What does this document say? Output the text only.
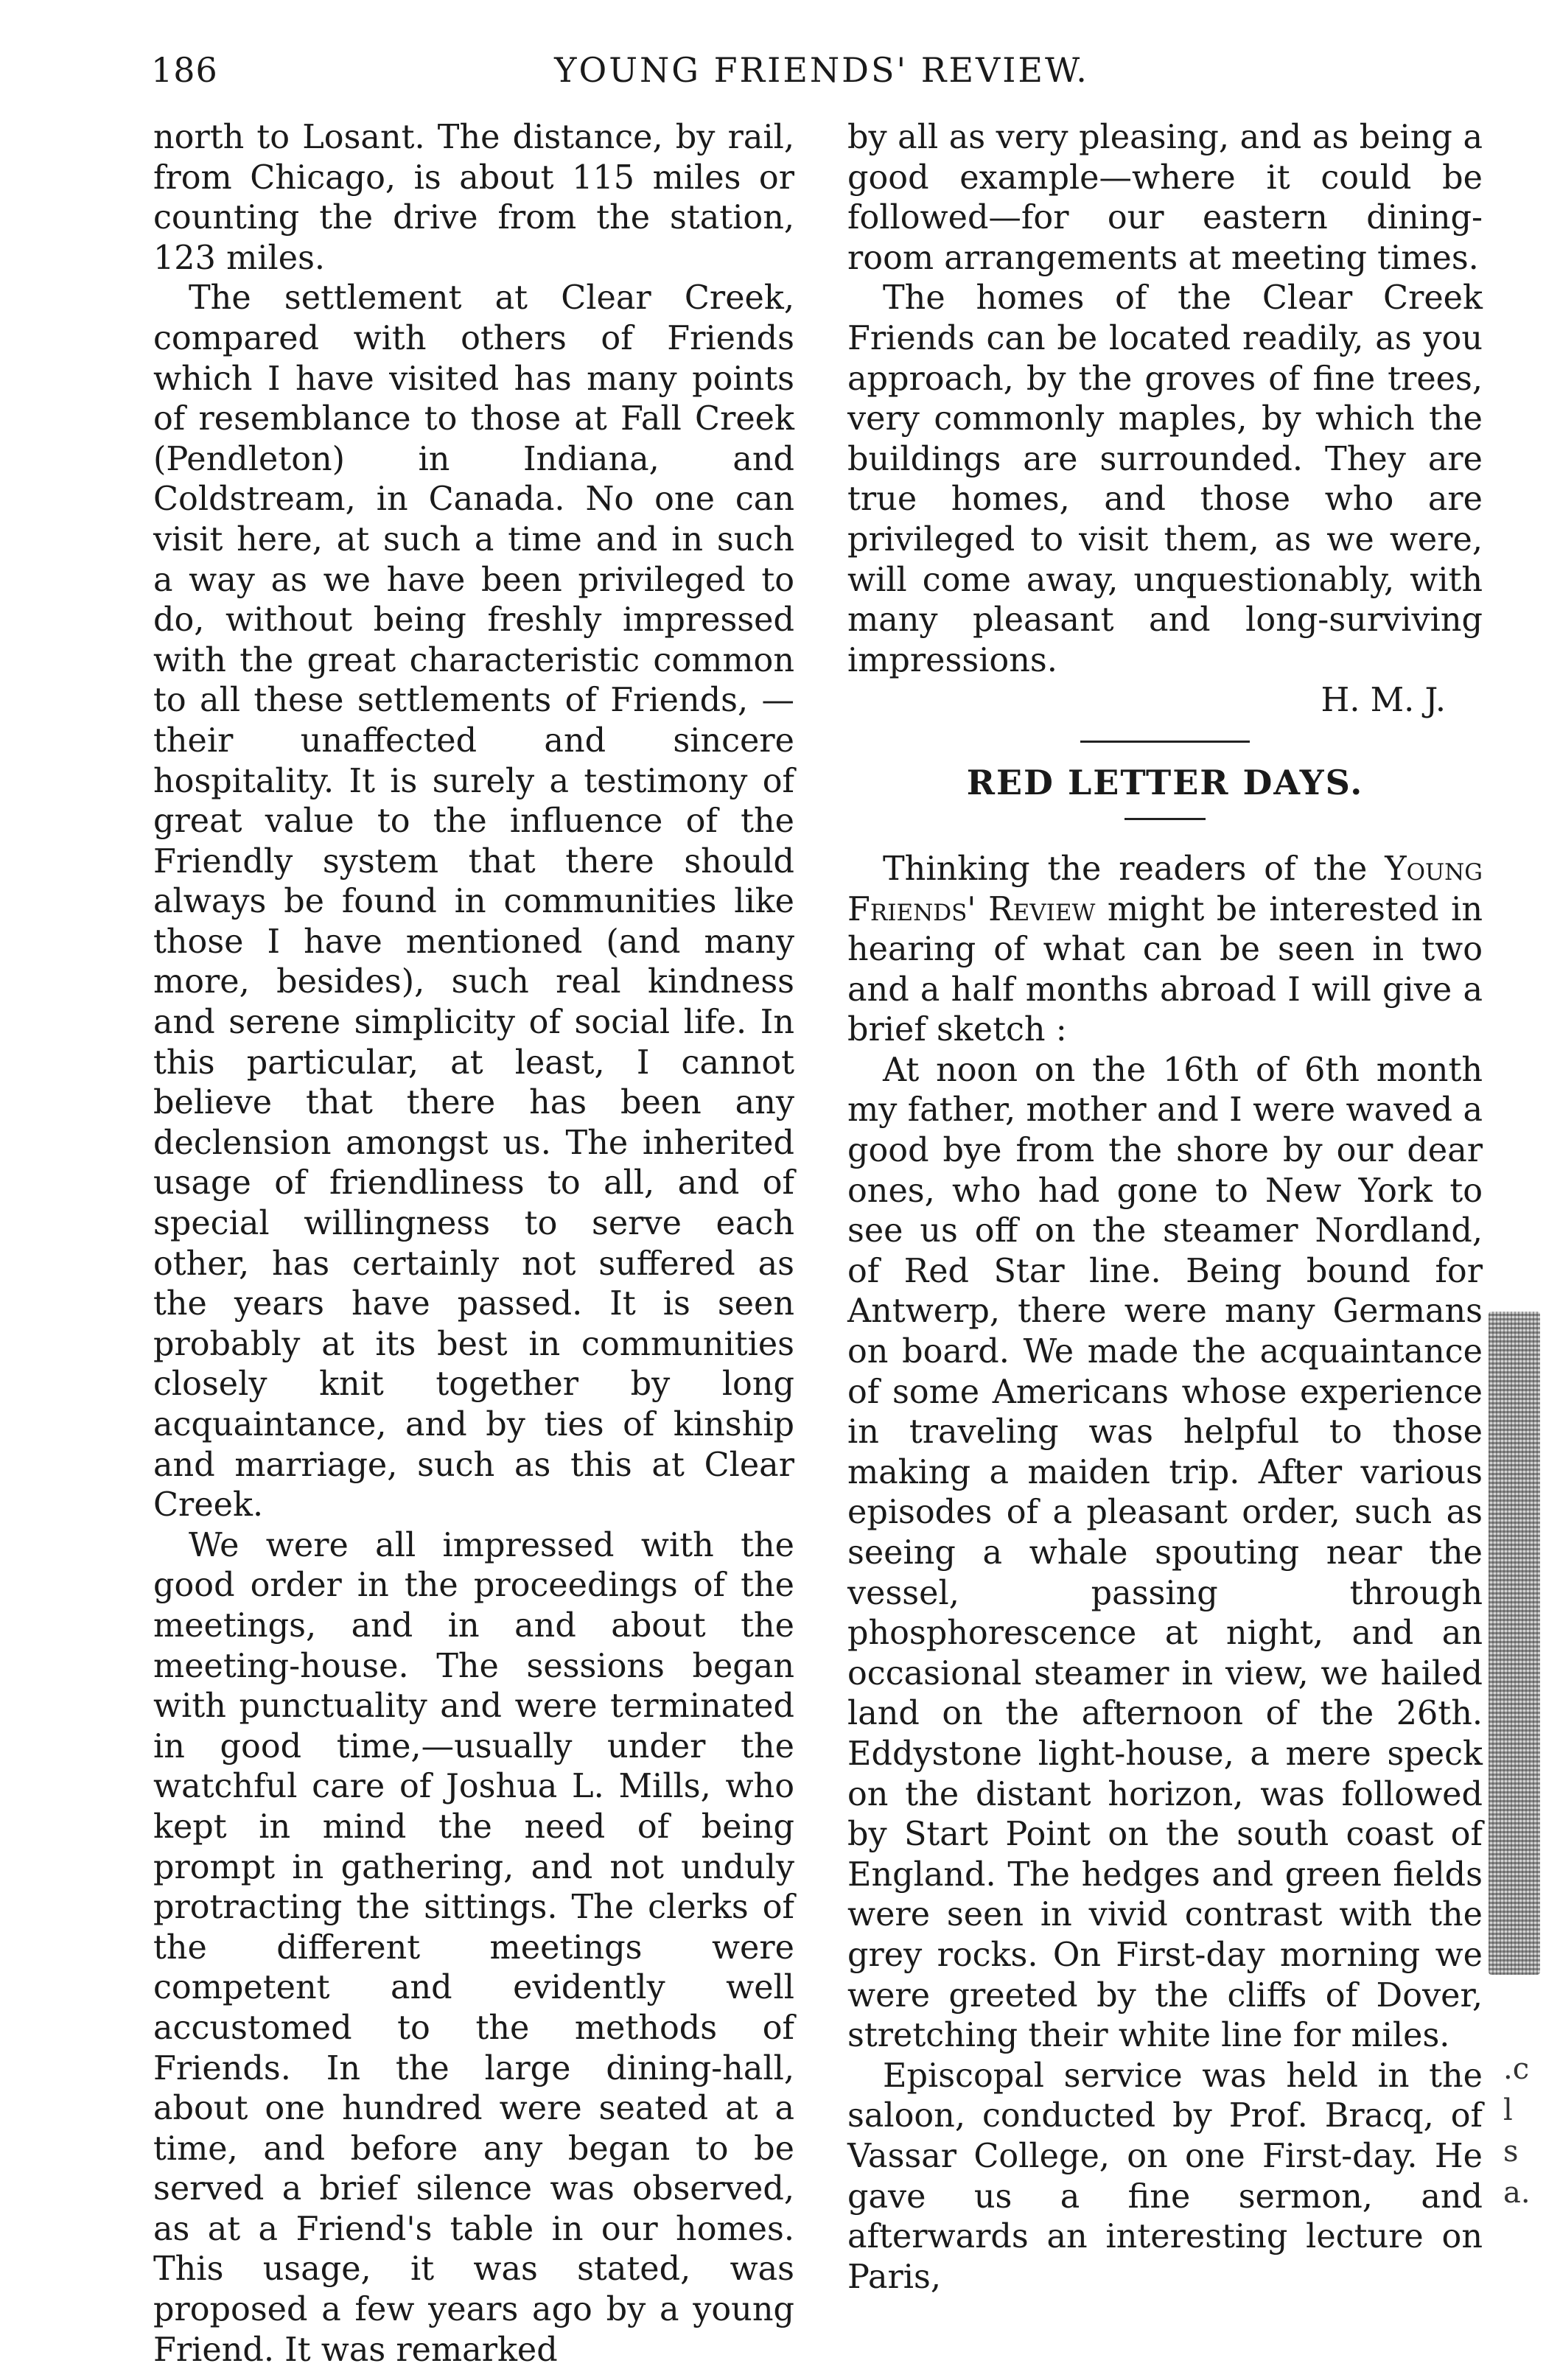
186	YOUNG FRIENDS' REVIEW.

north to Losant. The distance, by rail, from Chicago, is about 115 miles or counting the drive from the station, 123 miles.

The settlement at Clear Creek, compared with others of Friends which I have visited has many points of resemblance to those at Fall Creek (Pendleton) in Indiana, and Coldstream, in Canada. No one can visit here, at such a time and in such a way as we have been privileged to do, without being freshly impressed with the great characteristic common to all these settlements of Friends, — their unaffected and sincere hospitality. It is surely a testimony of great value to the influence of the Friendly system that there should always be found in communities like those I have mentioned (and many more, besides), such real kindness and serene simplicity of social life. In this particular, at least, I cannot believe that there has been any declension amongst us. The inherited usage of friendliness to all, and of special willingness to serve each other, has certainly not suffered as the years have passed. It is seen probably at its best in communities closely knit together by long acquaintance, and by ties of kinship and marriage, such as this at Clear Creek.

We were all impressed with the good order in the proceedings of the meetings, and in and about the meeting-house. The sessions began with punctuality and were terminated in good time,—usually under the watchful care of Joshua L. Mills, who kept in mind the need of being prompt in gathering, and not unduly protracting the sittings. The clerks of the different meetings were competent and evidently well accustomed to the methods of Friends. In the large dining-hall, about one hundred were seated at a time, and before any began to be served a brief silence was observed, as at a Friend's table in our homes. This usage, it was stated, was proposed a few years ago by a young Friend. It was remarked

by all as very pleasing, and as being a good example—where it could be followed—for our eastern dining-room arrangements at meeting times.

The homes of the Clear Creek Friends can be located readily, as you approach, by the groves of fine trees, very commonly maples, by which the buildings are surrounded. They are true homes, and those who are privileged to visit them, as we were, will come away, unquestionably, with many pleasant and long-surviving impressions.

H. M. J.

RED LETTER DAYS.

Thinking the readers of the Young Friends' Review might be interested in hearing of what can be seen in two and a half months abroad I will give a brief sketch :

At noon on the 16th of 6th month my father, mother and I were waved a good bye from the shore by our dear ones, who had gone to New York to see us off on the steamer Nordland, of Red Star line. Being bound for Antwerp, there were many Germans on board. We made the acquaintance of some Americans whose experience in traveling was helpful to those making a maiden trip. After various episodes of a pleasant order, such as seeing a whale spouting near the vessel, passing through phosphorescence at night, and an occasional steamer in view, we hailed land on the afternoon of the 26th. Eddystone light-house, a mere speck on the distant horizon, was followed by Start Point on the south coast of England. The hedges and green fields were seen in vivid contrast with the grey rocks. On First-day morning we were greeted by the cliffs of Dover, stretching their white line for miles.

Episcopal service was held in the saloon, conducted by Prof. Bracq, of Vassar College, on one First-day. He gave us a fine sermon, and afterwards an interesting lecture on Paris,

.c
l
s
a.
